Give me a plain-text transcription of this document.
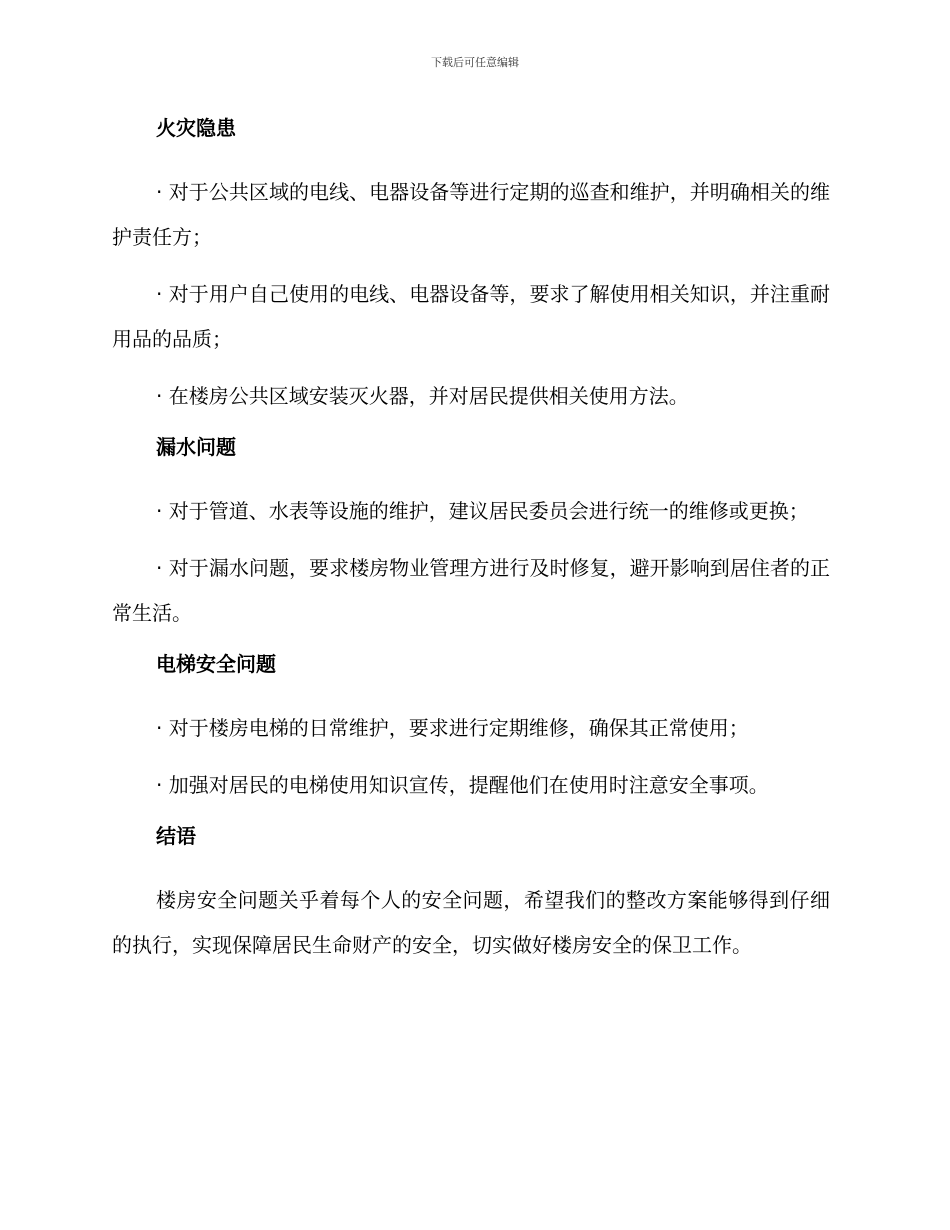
下载后可任意编辑
火灾隐患

· 对于公共区域的电线、电器设备等进行定期的巡查和维护，并明确相关的维护责任方；

· 对于用户自己使用的电线、电器设备等，要求了解使用相关知识，并注重耐用品的品质；

· 在楼房公共区域安装灭火器，并对居民提供相关使用方法。

漏水问题

· 对于管道、水表等设施的维护，建议居民委员会进行统一的维修或更换；

· 对于漏水问题，要求楼房物业管理方进行及时修复，避开影响到居住者的正常生活。

电梯安全问题

· 对于楼房电梯的日常维护，要求进行定期维修，确保其正常使用；

· 加强对居民的电梯使用知识宣传，提醒他们在使用时注意安全事项。

结语

楼房安全问题关乎着每个人的安全问题，希望我们的整改方案能够得到仔细的执行，实现保障居民生命财产的安全，切实做好楼房安全的保卫工作。
